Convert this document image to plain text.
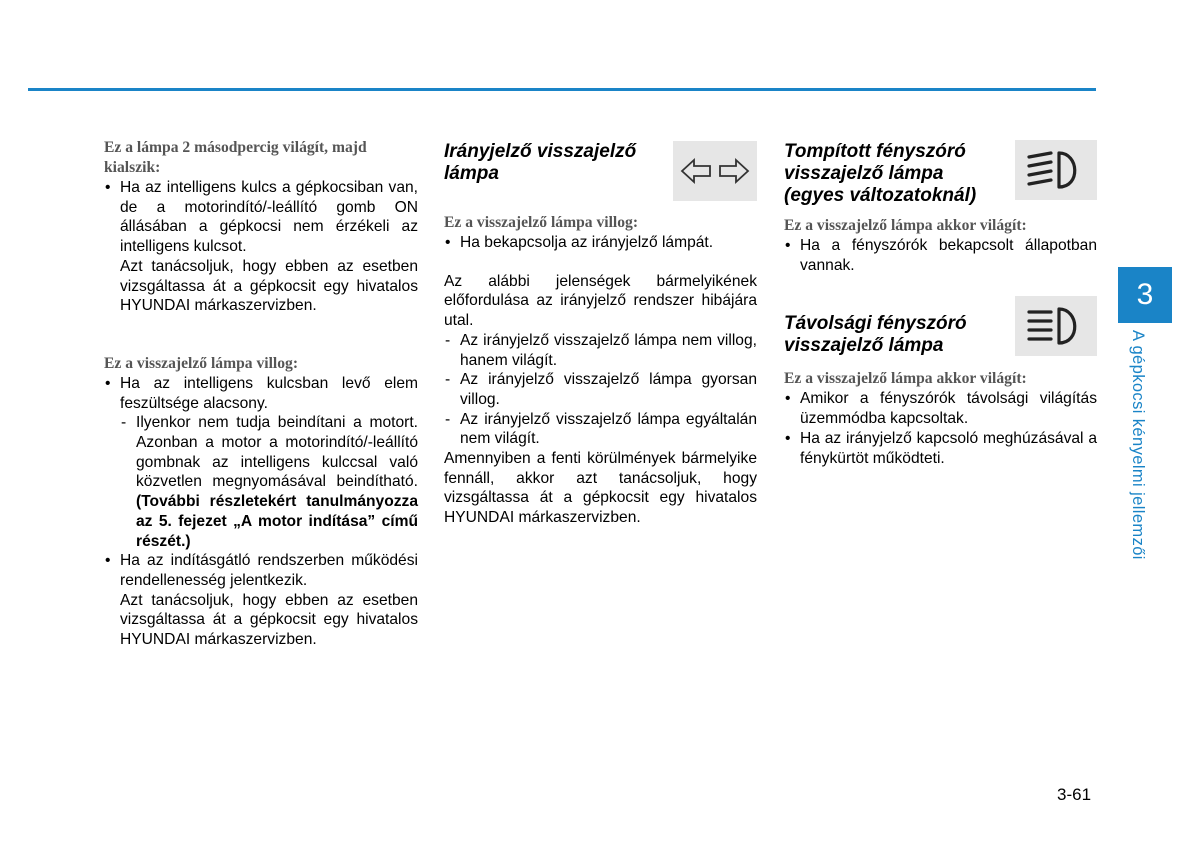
Ez a lámpa 2 másodpercig világít, majd kialszik:

• Ha az intelligens kulcs a gépkocsiban van, de a motorindító/-leállító gomb ON állásában a gépkocsi nem érzékeli az intelligens kulcsot.

Azt tanácsoljuk, hogy ebben az esetben vizsgáltassa át a gépkocsit egy hivatalos HYUNDAI márkaszervizben.

Ez a visszajelző lámpa villog:

• Ha az intelligens kulcsban levő elem feszültsége alacsony.

- Ilyenkor nem tudja beindítani a motort. Azonban a motor a motorindító/-leállító gombnak az intelligens kulccsal való közvetlen megnyomásával beindítható. (További részletekért tanulmányozza az 5. fejezet „A motor indítása” című részét.)

• Ha az indításgátló rendszerben működési rendellenesség jelentkezik.

Azt tanácsoljuk, hogy ebben az esetben vizsgáltassa át a gépkocsit egy hivatalos HYUNDAI márkaszervizben.

Irányjelző visszajelző lámpa

Ez a visszajelző lámpa villog:

• Ha bekapcsolja az irányjelző lámpát.

Az alábbi jelenségek bármelyikének előfordulása az irányjelző rendszer hibájára utal.

- Az irányjelző visszajelző lámpa nem villog, hanem világít.

- Az irányjelző visszajelző lámpa gyorsan villog.

- Az irányjelző visszajelző lámpa egyáltalán nem világít.

Amennyiben a fenti körülmények bármelyike fennáll, akkor azt tanácsoljuk, hogy vizsgáltassa át a gépkocsit egy hivatalos HYUNDAI márkaszervizben.

Tompított fényszóró visszajelző lámpa (egyes változatoknál)

Ez a visszajelző lámpa akkor világít:

• Ha a fényszórók bekapcsolt állapotban vannak.

Távolsági fényszóró visszajelző lámpa

Ez a visszajelző lámpa akkor világít:

• Amikor a fényszórók távolsági világítás üzemmódba kapcsoltak.

• Ha az irányjelző kapcsoló meghúzásával a fénykürtöt működteti.

3
A gépkocsi kényelmi jellemzői
3-61
